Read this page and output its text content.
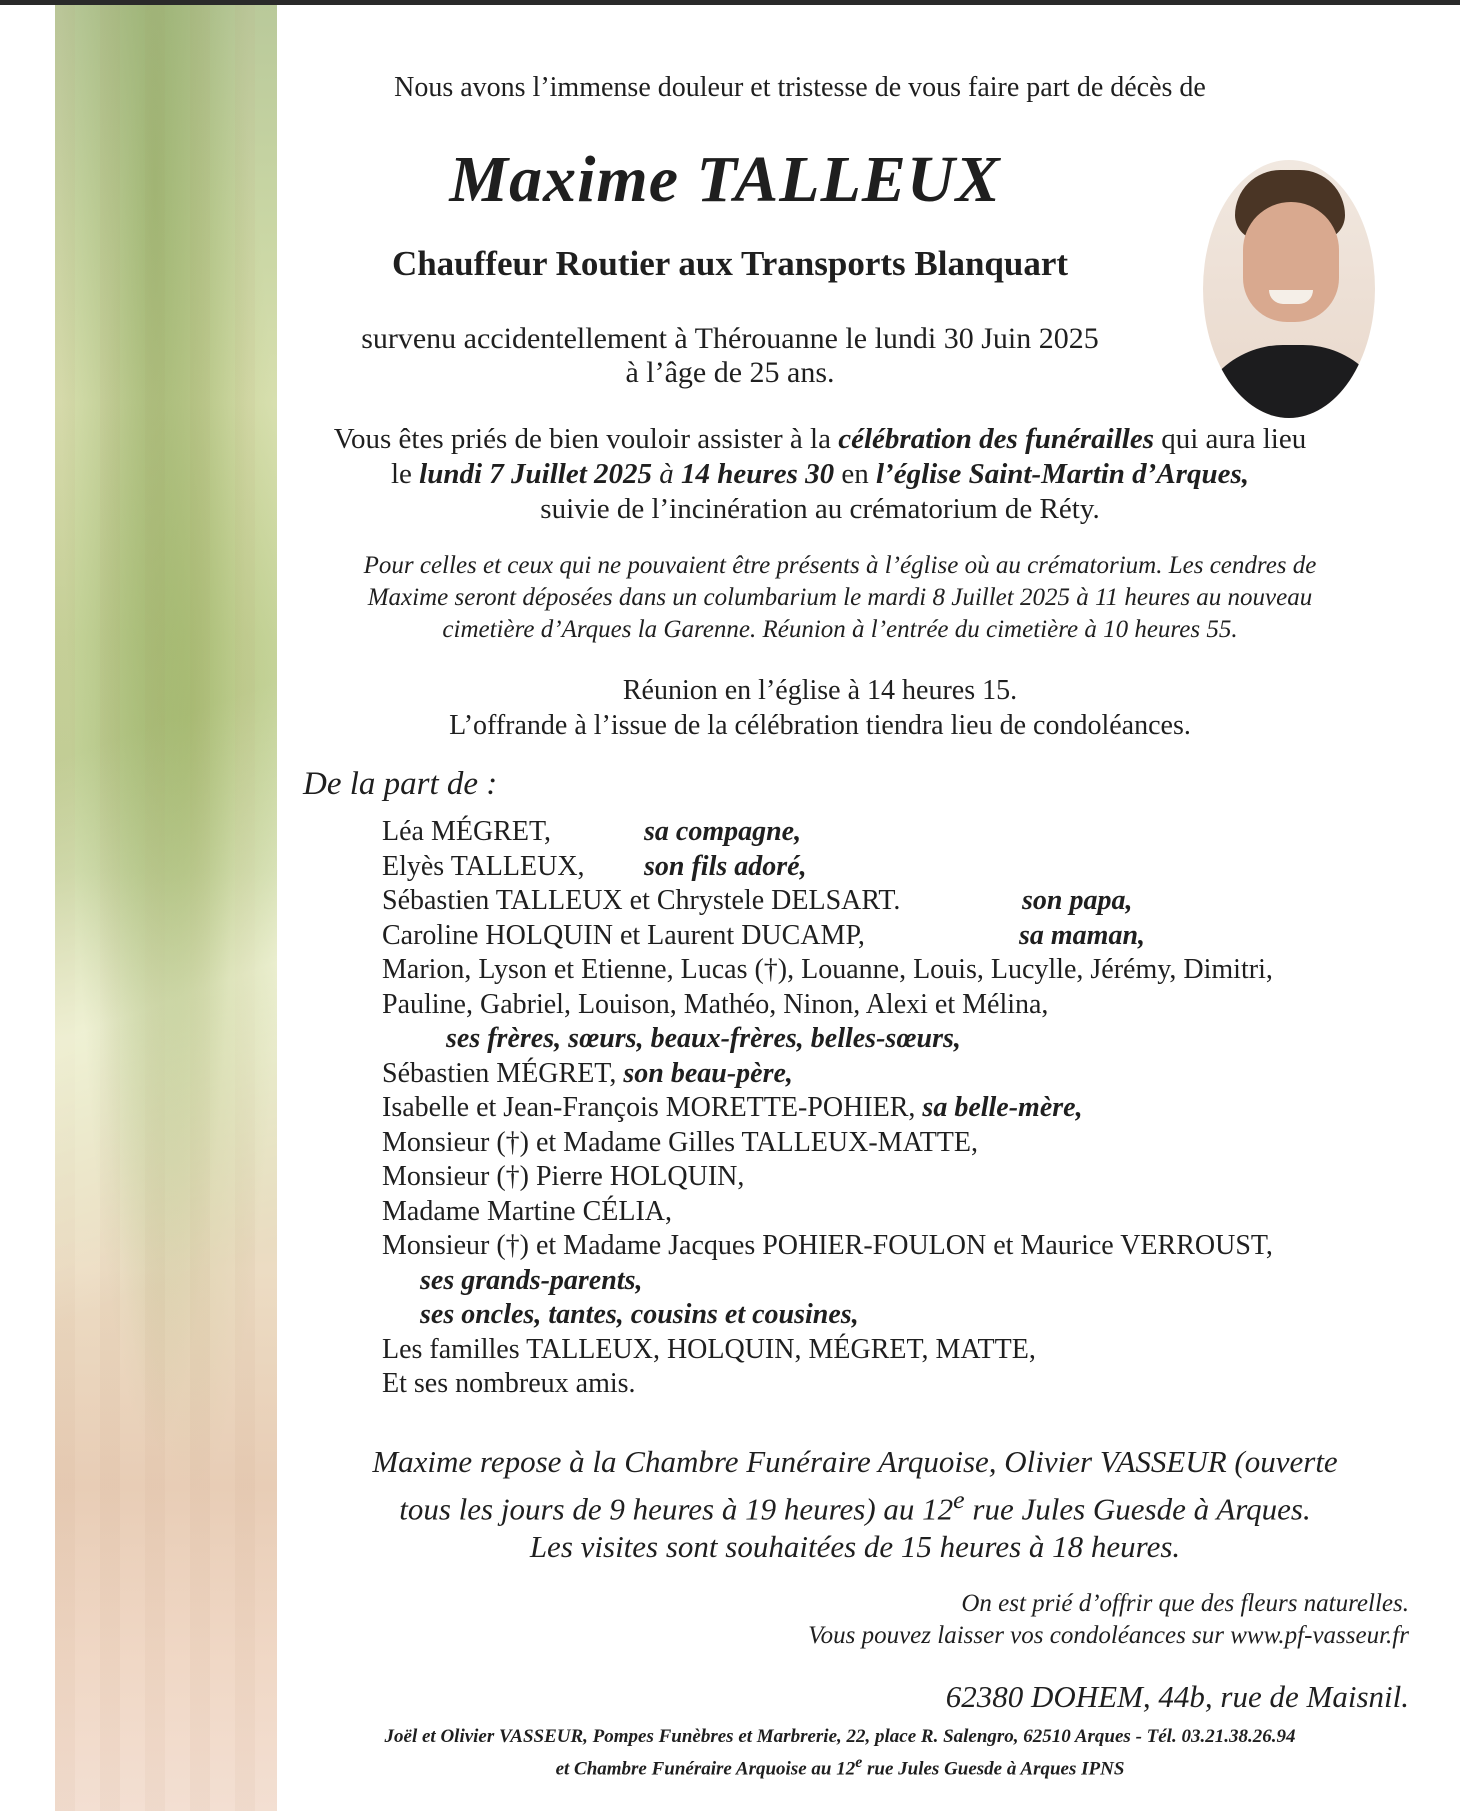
Nous avons l’immense douleur et tristesse de vous faire part de décès de
Maxime TALLEUX
Chauffeur Routier aux Transports Blanquart
survenu accidentellement à Thérouanne le lundi 30 Juin 2025
à l’âge de 25 ans.
Vous êtes priés de bien vouloir assister à la célébration des funérailles qui aura lieu
le lundi 7 Juillet 2025 à 14 heures 30 en l’église Saint-Martin d’Arques,
suivie de l’incinération au crématorium de Réty.
Pour celles et ceux qui ne pouvaient être présents à l’église où au crématorium. Les cendres de
Maxime seront déposées dans un columbarium le mardi 8 Juillet 2025 à 11 heures au nouveau
cimetière d’Arques la Garenne. Réunion à l’entrée du cimetière à 10 heures 55.
Réunion en l’église à 14 heures 15.
L’offrande à l’issue de la célébration tiendra lieu de condoléances.
De la part de :
Léa MÉGRET,	sa compagne,
Elyès TALLEUX, son fils adoré,
Sébastien TALLEUX et Chrystele DELSART.	son papa,
Caroline HOLQUIN et Laurent DUCAMP,	sa maman,
Marion, Lyson et Etienne, Lucas (†), Louanne, Louis, Lucylle, Jérémy, Dimitri,
Pauline, Gabriel, Louison, Mathéo, Ninon, Alexi et Mélina,
ses frères, sœurs, beaux-frères, belles-sœurs,
Sébastien MÉGRET, son beau-père,
Isabelle et Jean-François MORETTE-POHIER, sa belle-mère,
Monsieur (†) et Madame Gilles TALLEUX-MATTE,
Monsieur (†) Pierre HOLQUIN,
Madame Martine CÉLIA,
Monsieur (†) et Madame Jacques POHIER-FOULON et Maurice VERROUST,
ses grands-parents,
ses oncles, tantes, cousins et cousines,
Les familles TALLEUX, HOLQUIN, MÉGRET, MATTE,
Et ses nombreux amis.
Maxime repose à la Chambre Funéraire Arquoise, Olivier VASSEUR (ouverte
tous les jours de 9 heures à 19 heures) au 12e rue Jules Guesde à Arques.
Les visites sont souhaitées de 15 heures à 18 heures.
On est prié d’offrir que des fleurs naturelles.
Vous pouvez laisser vos condoléances sur www.pf-vasseur.fr
62380 DOHEM, 44b, rue de Maisnil.
Joël et Olivier VASSEUR, Pompes Funèbres et Marbrerie, 22, place R. Salengro, 62510 Arques - Tél. 03.21.38.26.94
et Chambre Funéraire Arquoise au 12e rue Jules Guesde à Arques IPNS
